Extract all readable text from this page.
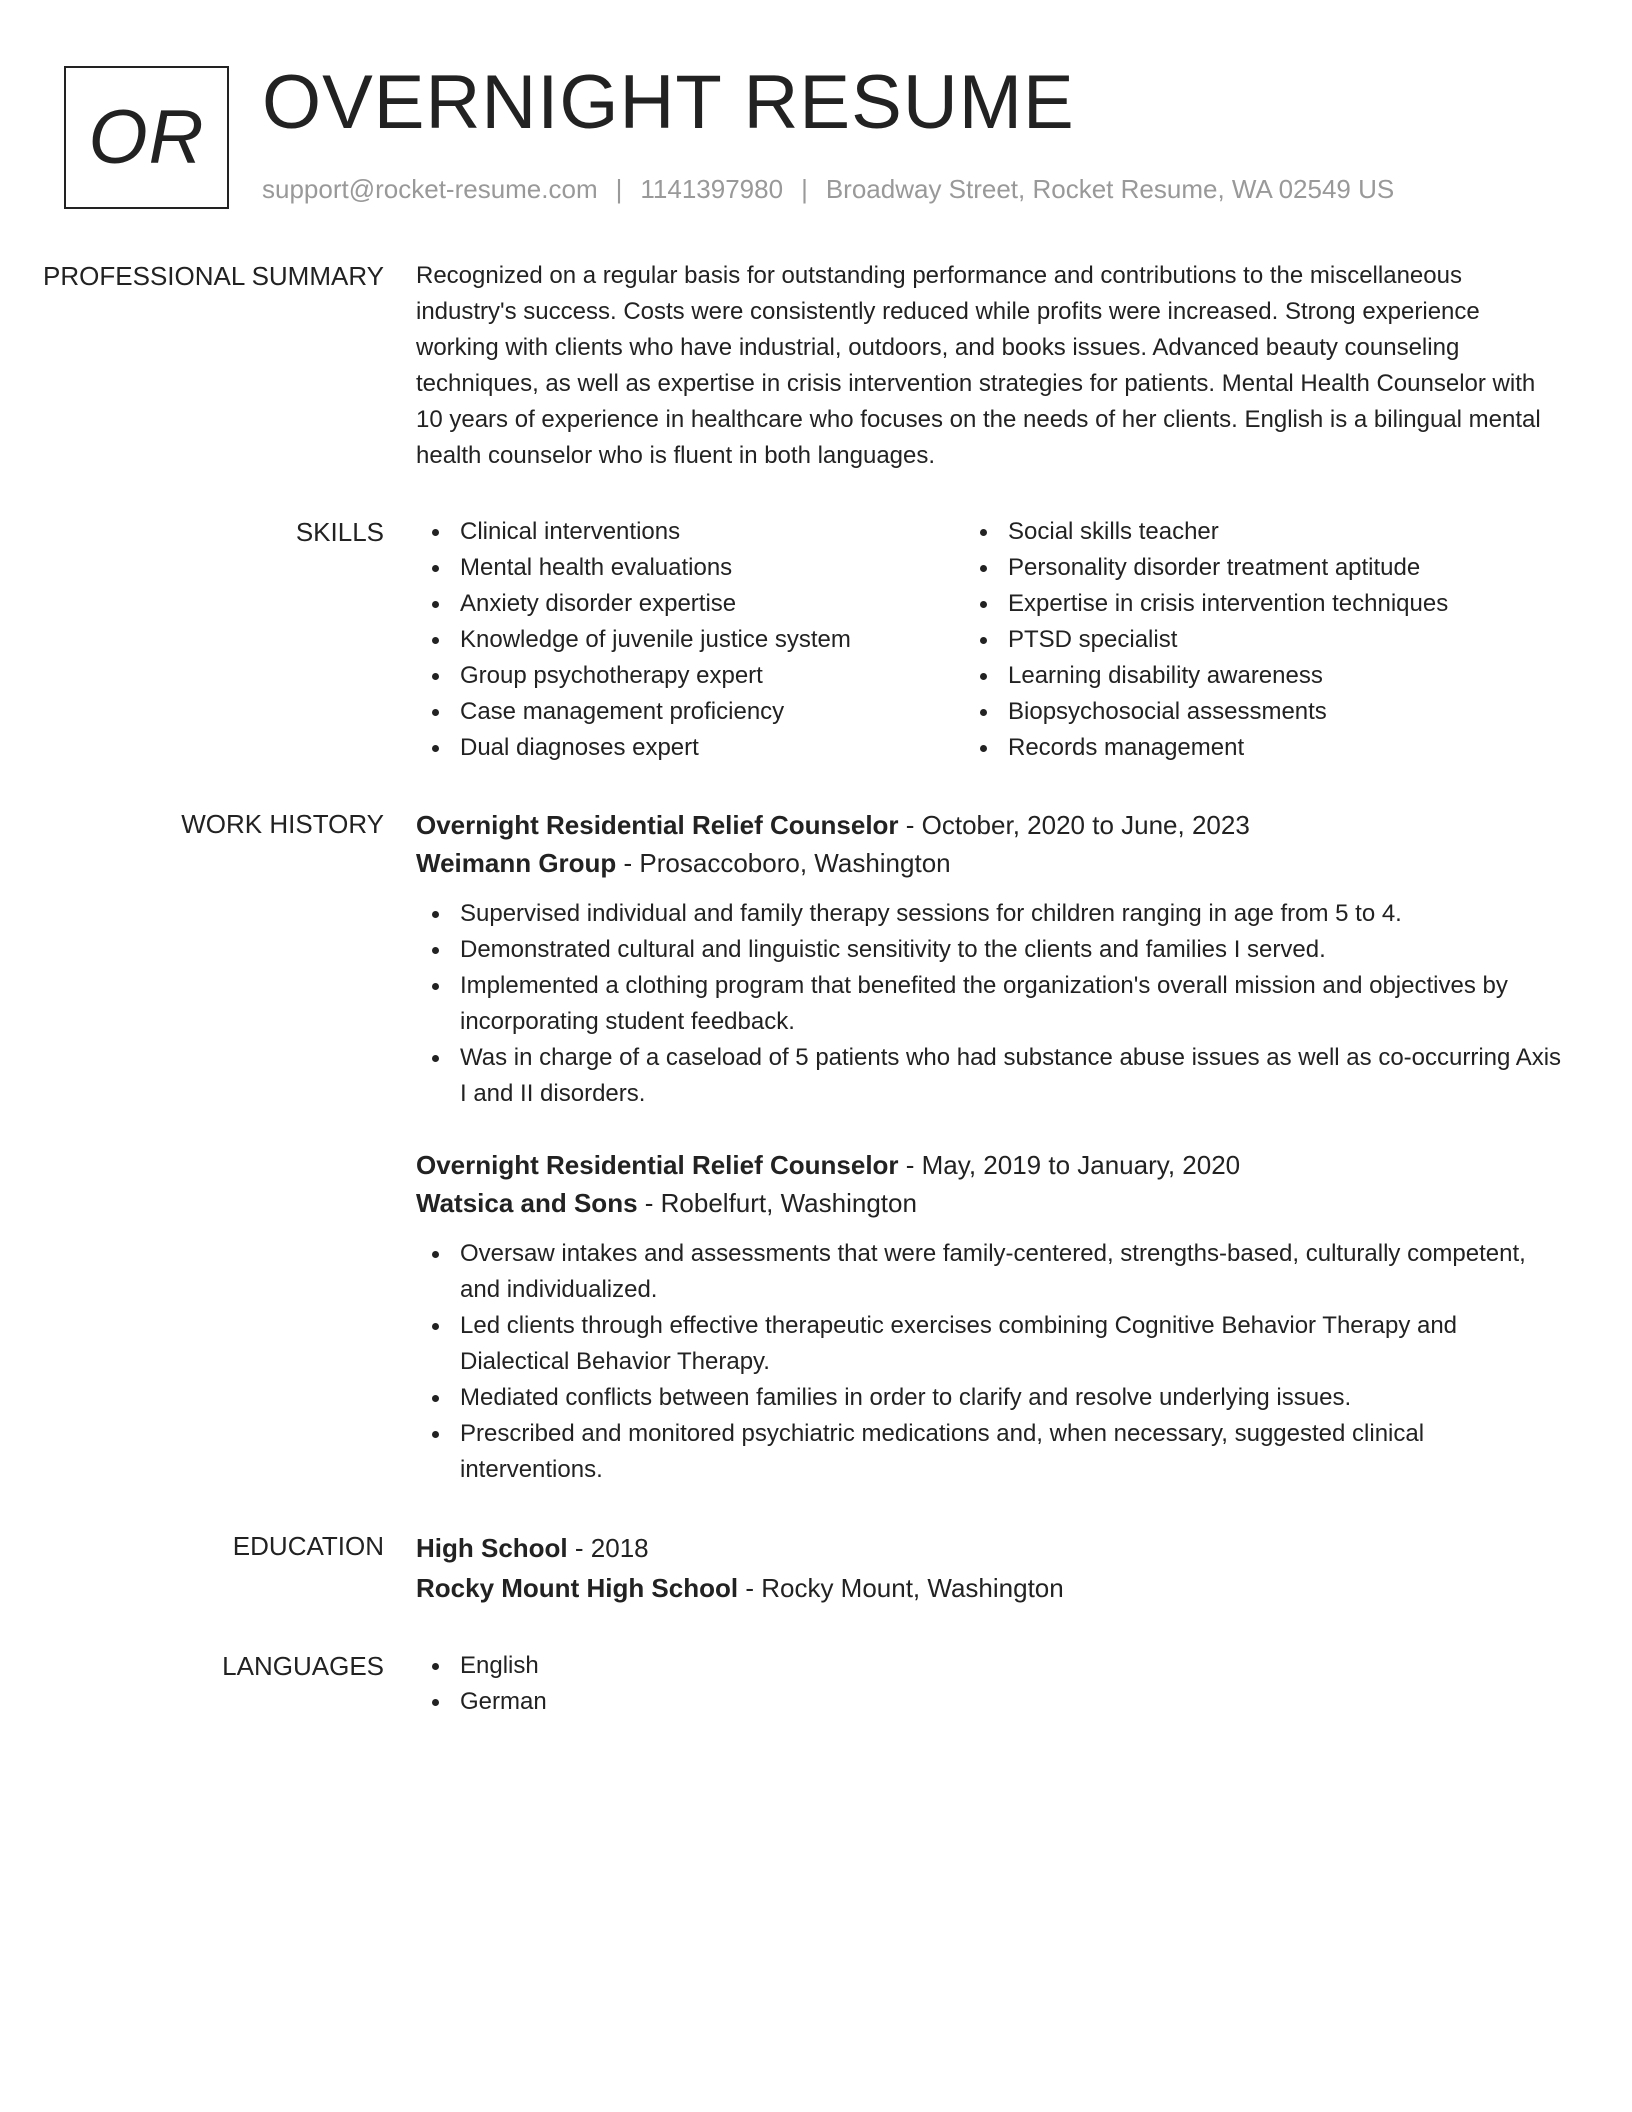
OR OVERNIGHT RESUME
support@rocket-resume.com | 1141397980 | Broadway Street, Rocket Resume, WA 02549 US
PROFESSIONAL SUMMARY	Recognized on a regular basis for outstanding performance and contributions to the miscellaneous industry's success. Costs were consistently reduced while profits were increased. Strong experience working with clients who have industrial, outdoors, and books issues. Advanced beauty counseling techniques, as well as expertise in crisis intervention strategies for patients. Mental Health Counselor with 10 years of experience in healthcare who focuses on the needs of her clients. English is a bilingual mental health counselor who is fluent in both languages.

SKILLS	Clinical interventions
Mental health evaluations
Anxiety disorder expertise
Knowledge of juvenile justice system
Group psychotherapy expert
Case management proficiency
Dual diagnoses expert
Social skills teacher
Personality disorder treatment aptitude
Expertise in crisis intervention techniques
PTSD specialist
Learning disability awareness
Biopsychosocial assessments
Records management
WORK HISTORY	Overnight Residential Relief Counselor - October, 2020 to June, 2023
Weimann Group - Prosaccoboro, Washington
Supervised individual and family therapy sessions for children ranging in age from 5 to 4.
Demonstrated cultural and linguistic sensitivity to the clients and families I served.
Implemented a clothing program that benefited the organization's overall mission and objectives by incorporating student feedback.
Was in charge of a caseload of 5 patients who had substance abuse issues as well as co-occurring Axis I and II disorders.
Overnight Residential Relief Counselor - May, 2019 to January, 2020
Watsica and Sons - Robelfurt, Washington
Oversaw intakes and assessments that were family-centered, strengths-based, culturally competent, and individualized.
Led clients through effective therapeutic exercises combining Cognitive Behavior Therapy and Dialectical Behavior Therapy.
Mediated conflicts between families in order to clarify and resolve underlying issues.
Prescribed and monitored psychiatric medications and, when necessary, suggested clinical interventions.
EDUCATION	High School - 2018
Rocky Mount High School - Rocky Mount, Washington
LANGUAGES	English
German
